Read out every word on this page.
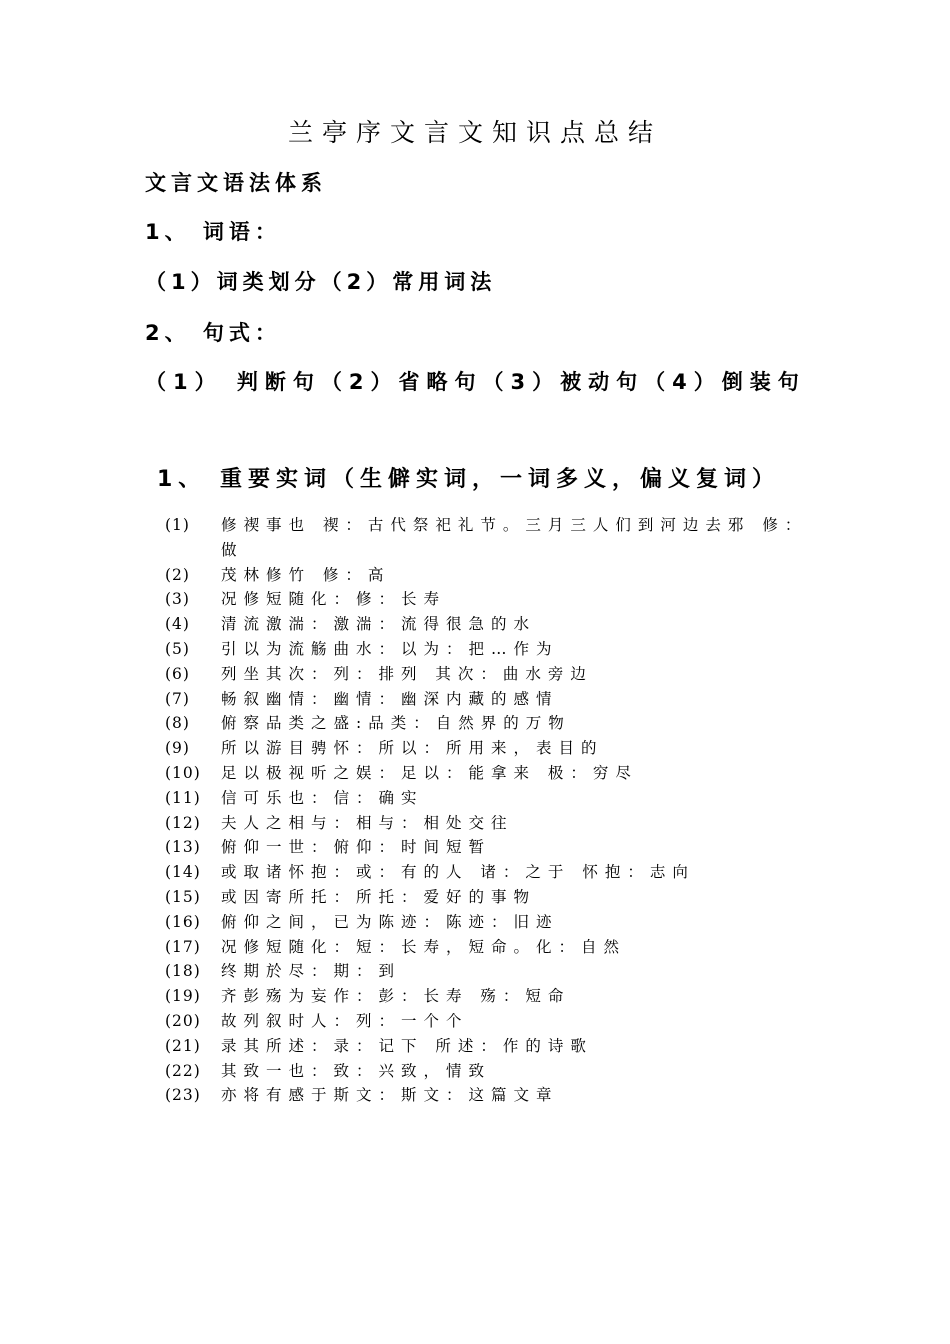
兰亭序文言文知识点总结
文言文语法体系
1、 词语：
（1）词类划分（2）常用词法
2、 句式：
（1） 判断句（2）省略句（3）被动句（4）倒装句
1、 重要实词（生僻实词，一词多义，偏义复词）
(1)	修禊事也 禊：古代祭祀礼节。三月三人们到河边去邪 修：做
(2)	茂林修竹 修：高
(3)	况修短随化：修：长寿
(4)	清流激湍：激湍：流得很急的水
(5)	引以为流觞曲水：以为：把…作为
(6)	列坐其次：列：排列 其次：曲水旁边
(7)	畅叙幽情：幽情：幽深内藏的感情
(8)	俯察品类之盛:品类：自然界的万物
(9)	所以游目骋怀：所以：所用来，表目的
(10)	足以极视听之娱：足以：能拿来 极：穷尽
(11)	信可乐也：信：确实
(12)	夫人之相与：相与：相处交往
(13)	俯仰一世：俯仰：时间短暂
(14)	或取诸怀抱：或：有的人 诸：之于 怀抱：志向
(15)	或因寄所托：所托：爱好的事物
(16)	俯仰之间，已为陈迹：陈迹：旧迹
(17)	况修短随化：短：长寿，短命。化：自然
(18)	终期於尽：期：到
(19)	齐彭殇为妄作：彭：长寿 殇：短命
(20)	故列叙时人：列：一个个
(21)	录其所述：录：记下 所述：作的诗歌
(22)	其致一也：致：兴致，情致
(23)	亦将有感于斯文：斯文：这篇文章
